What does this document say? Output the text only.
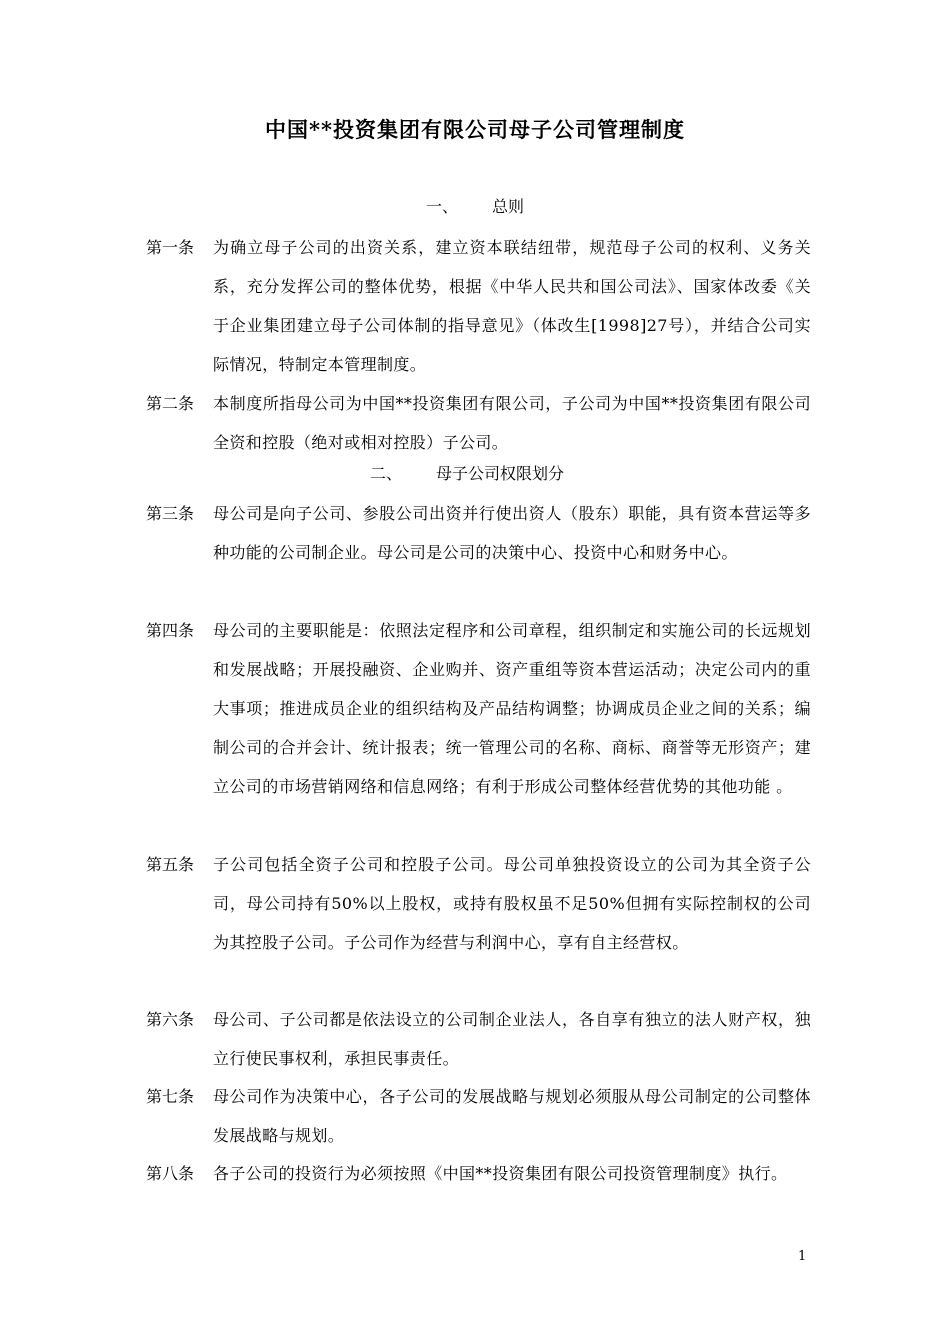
中国**投资集团有限公司母子公司管理制度
一、 总则
第一条 为确立母子公司的出资关系，建立资本联结纽带，规范母子公司的权利、义务关系，充分发挥公司的整体优势，根据《中华人民共和国公司法》、国家体改委《关于企业集团建立母子公司体制的指导意见》（体改生[1998]27号），并结合公司实际情况，特制定本管理制度。
第二条 本制度所指母公司为中国**投资集团有限公司，子公司为中国**投资集团有限公司全资和控股（绝对或相对控股）子公司。
二、 母子公司权限划分
第三条 母公司是向子公司、参股公司出资并行使出资人（股东）职能，具有资本营运等多种功能的公司制企业。母公司是公司的决策中心、投资中心和财务中心。
第四条 母公司的主要职能是：依照法定程序和公司章程，组织制定和实施公司的长远规划和发展战略；开展投融资、企业购并、资产重组等资本营运活动；决定公司内的重大事项；推进成员企业的组织结构及产品结构调整；协调成员企业之间的关系；编制公司的合并会计、统计报表；统一管理公司的名称、商标、商誉等无形资产；建立公司的市场营销网络和信息网络；有利于形成公司整体经营优势的其他功能 。
第五条 子公司包括全资子公司和控股子公司。母公司单独投资设立的公司为其全资子公司，母公司持有50%以上股权，或持有股权虽不足50%但拥有实际控制权的公司为其控股子公司。子公司作为经营与利润中心，享有自主经营权。
第六条 母公司、子公司都是依法设立的公司制企业法人，各自享有独立的法人财产权，独立行使民事权利，承担民事责任。
第七条 母公司作为决策中心，各子公司的发展战略与规划必须服从母公司制定的公司整体发展战略与规划。
第八条 各子公司的投资行为必须按照《中国**投资集团有限公司投资管理制度》执行。
1
